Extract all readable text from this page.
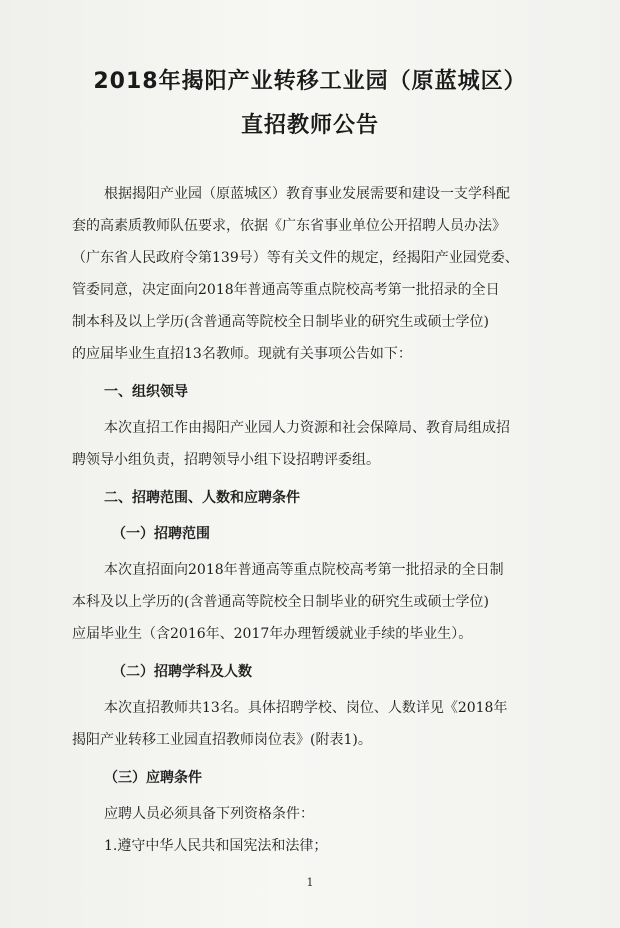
2018年揭阳产业转移工业园（原蓝城区）
直招教师公告
根据揭阳产业园（原蓝城区）教育事业发展需要和建设一支学科配
套的高素质教师队伍要求，依据《广东省事业单位公开招聘人员办法》
（广东省人民政府令第139号）等有关文件的规定，经揭阳产业园党委、
管委同意，决定面向2018年普通高等重点院校高考第一批招录的全日
制本科及以上学历(含普通高等院校全日制毕业的研究生或硕士学位)
的应届毕业生直招13名教师。现就有关事项公告如下：
一、组织领导
本次直招工作由揭阳产业园人力资源和社会保障局、教育局组成招
聘领导小组负责，招聘领导小组下设招聘评委组。
二、招聘范围、人数和应聘条件
（一）招聘范围
本次直招面向2018年普通高等重点院校高考第一批招录的全日制
本科及以上学历的(含普通高等院校全日制毕业的研究生或硕士学位)
应届毕业生（含2016年、2017年办理暂缓就业手续的毕业生）。
（二）招聘学科及人数
本次直招教师共13名。具体招聘学校、岗位、人数详见《2018年
揭阳产业转移工业园直招教师岗位表》(附表1)。
（三）应聘条件
应聘人员必须具备下列资格条件：
1.遵守中华人民共和国宪法和法律；
1
